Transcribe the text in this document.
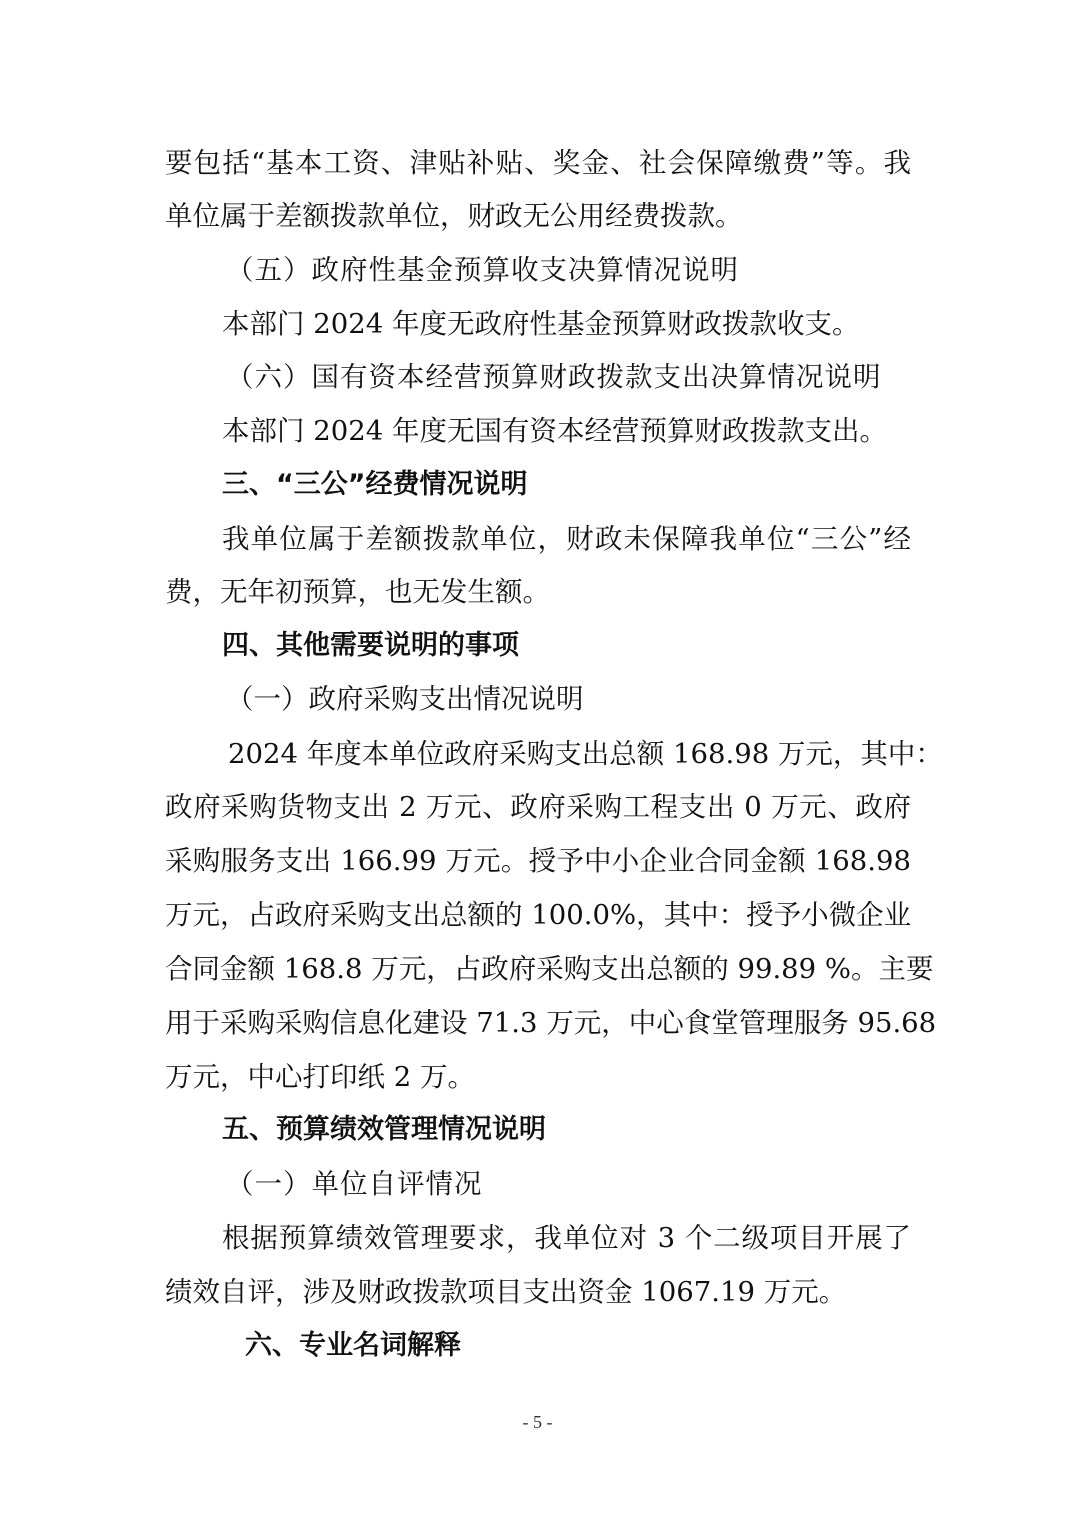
要包括“基本工资、津贴补贴、奖金、社会保障缴费”等。我
单位属于差额拨款单位，财政无公用经费拨款。
（五）政府性基金预算收支决算情况说明
本部门 2024 年度无政府性基金预算财政拨款收支。
（六）国有资本经营预算财政拨款支出决算情况说明
本部门 2024 年度无国有资本经营预算财政拨款支出。
三、“三公”经费情况说明
我单位属于差额拨款单位，财政未保障我单位“三公”经
费，无年初预算，也无发生额。
四、其他需要说明的事项
（一）政府采购支出情况说明
2024 年度本单位政府采购支出总额 168.98 万元，其中：
政府采购货物支出 2 万元、政府采购工程支出 0 万元、政府
采购服务支出 166.99 万元。授予中小企业合同金额 168.98
万元，占政府采购支出总额的 100.0%，其中：授予小微企业
合同金额 168.8 万元，占政府采购支出总额的 99.89 %。主要
用于采购采购信息化建设 71.3 万元，中心食堂管理服务 95.68
万元，中心打印纸 2 万。
五、预算绩效管理情况说明
（一）单位自评情况
根据预算绩效管理要求，我单位对 3 个二级项目开展了
绩效自评，涉及财政拨款项目支出资金 1067.19 万元。
六、专业名词解释
- 5 -
